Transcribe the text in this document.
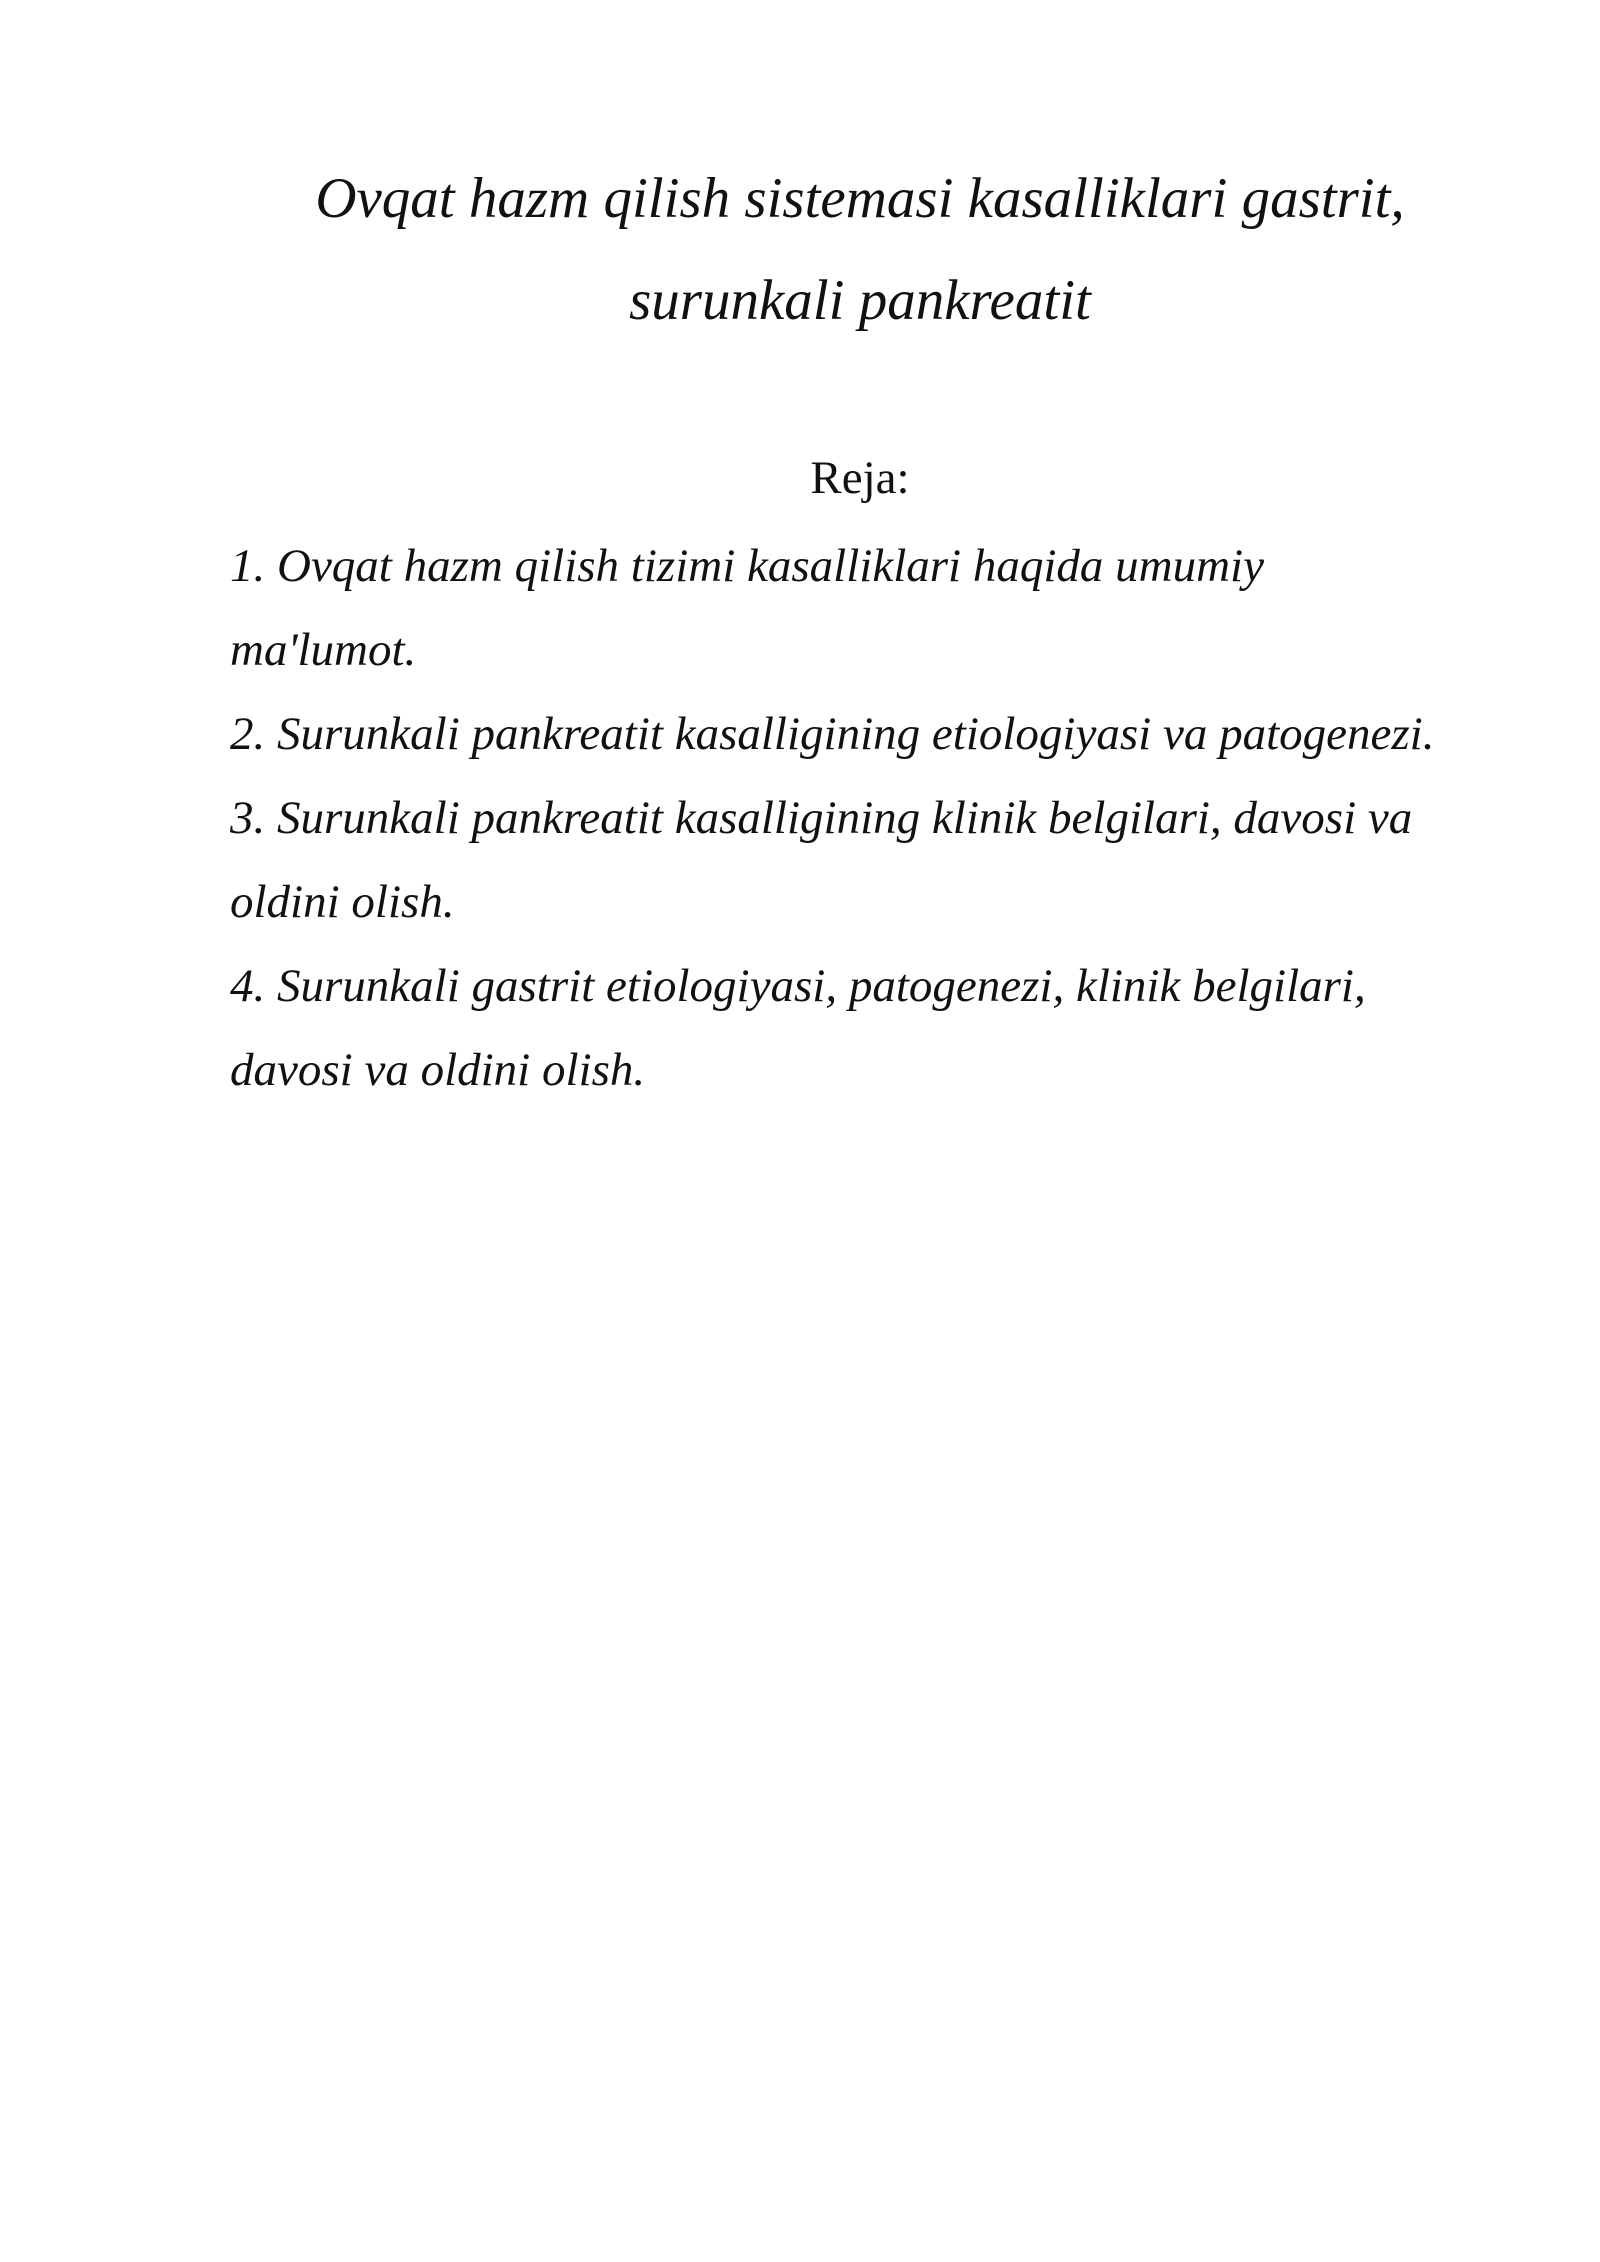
Ovqat hazm qilish sistemasi kasalliklari gastrit,
surunkali pankreatit
Reja:
1. Ovqat hazm qilish tizimi kasalliklari haqida umumiy
ma'lumot.
2. Surunkali pankreatit kasalligining etiologiyasi va patogenezi.
3. Surunkali pankreatit kasalligining klinik belgilari, davosi va
oldini olish.
4. Surunkali gastrit etiologiyasi, patogenezi, klinik belgilari,
davosi va oldini olish.
